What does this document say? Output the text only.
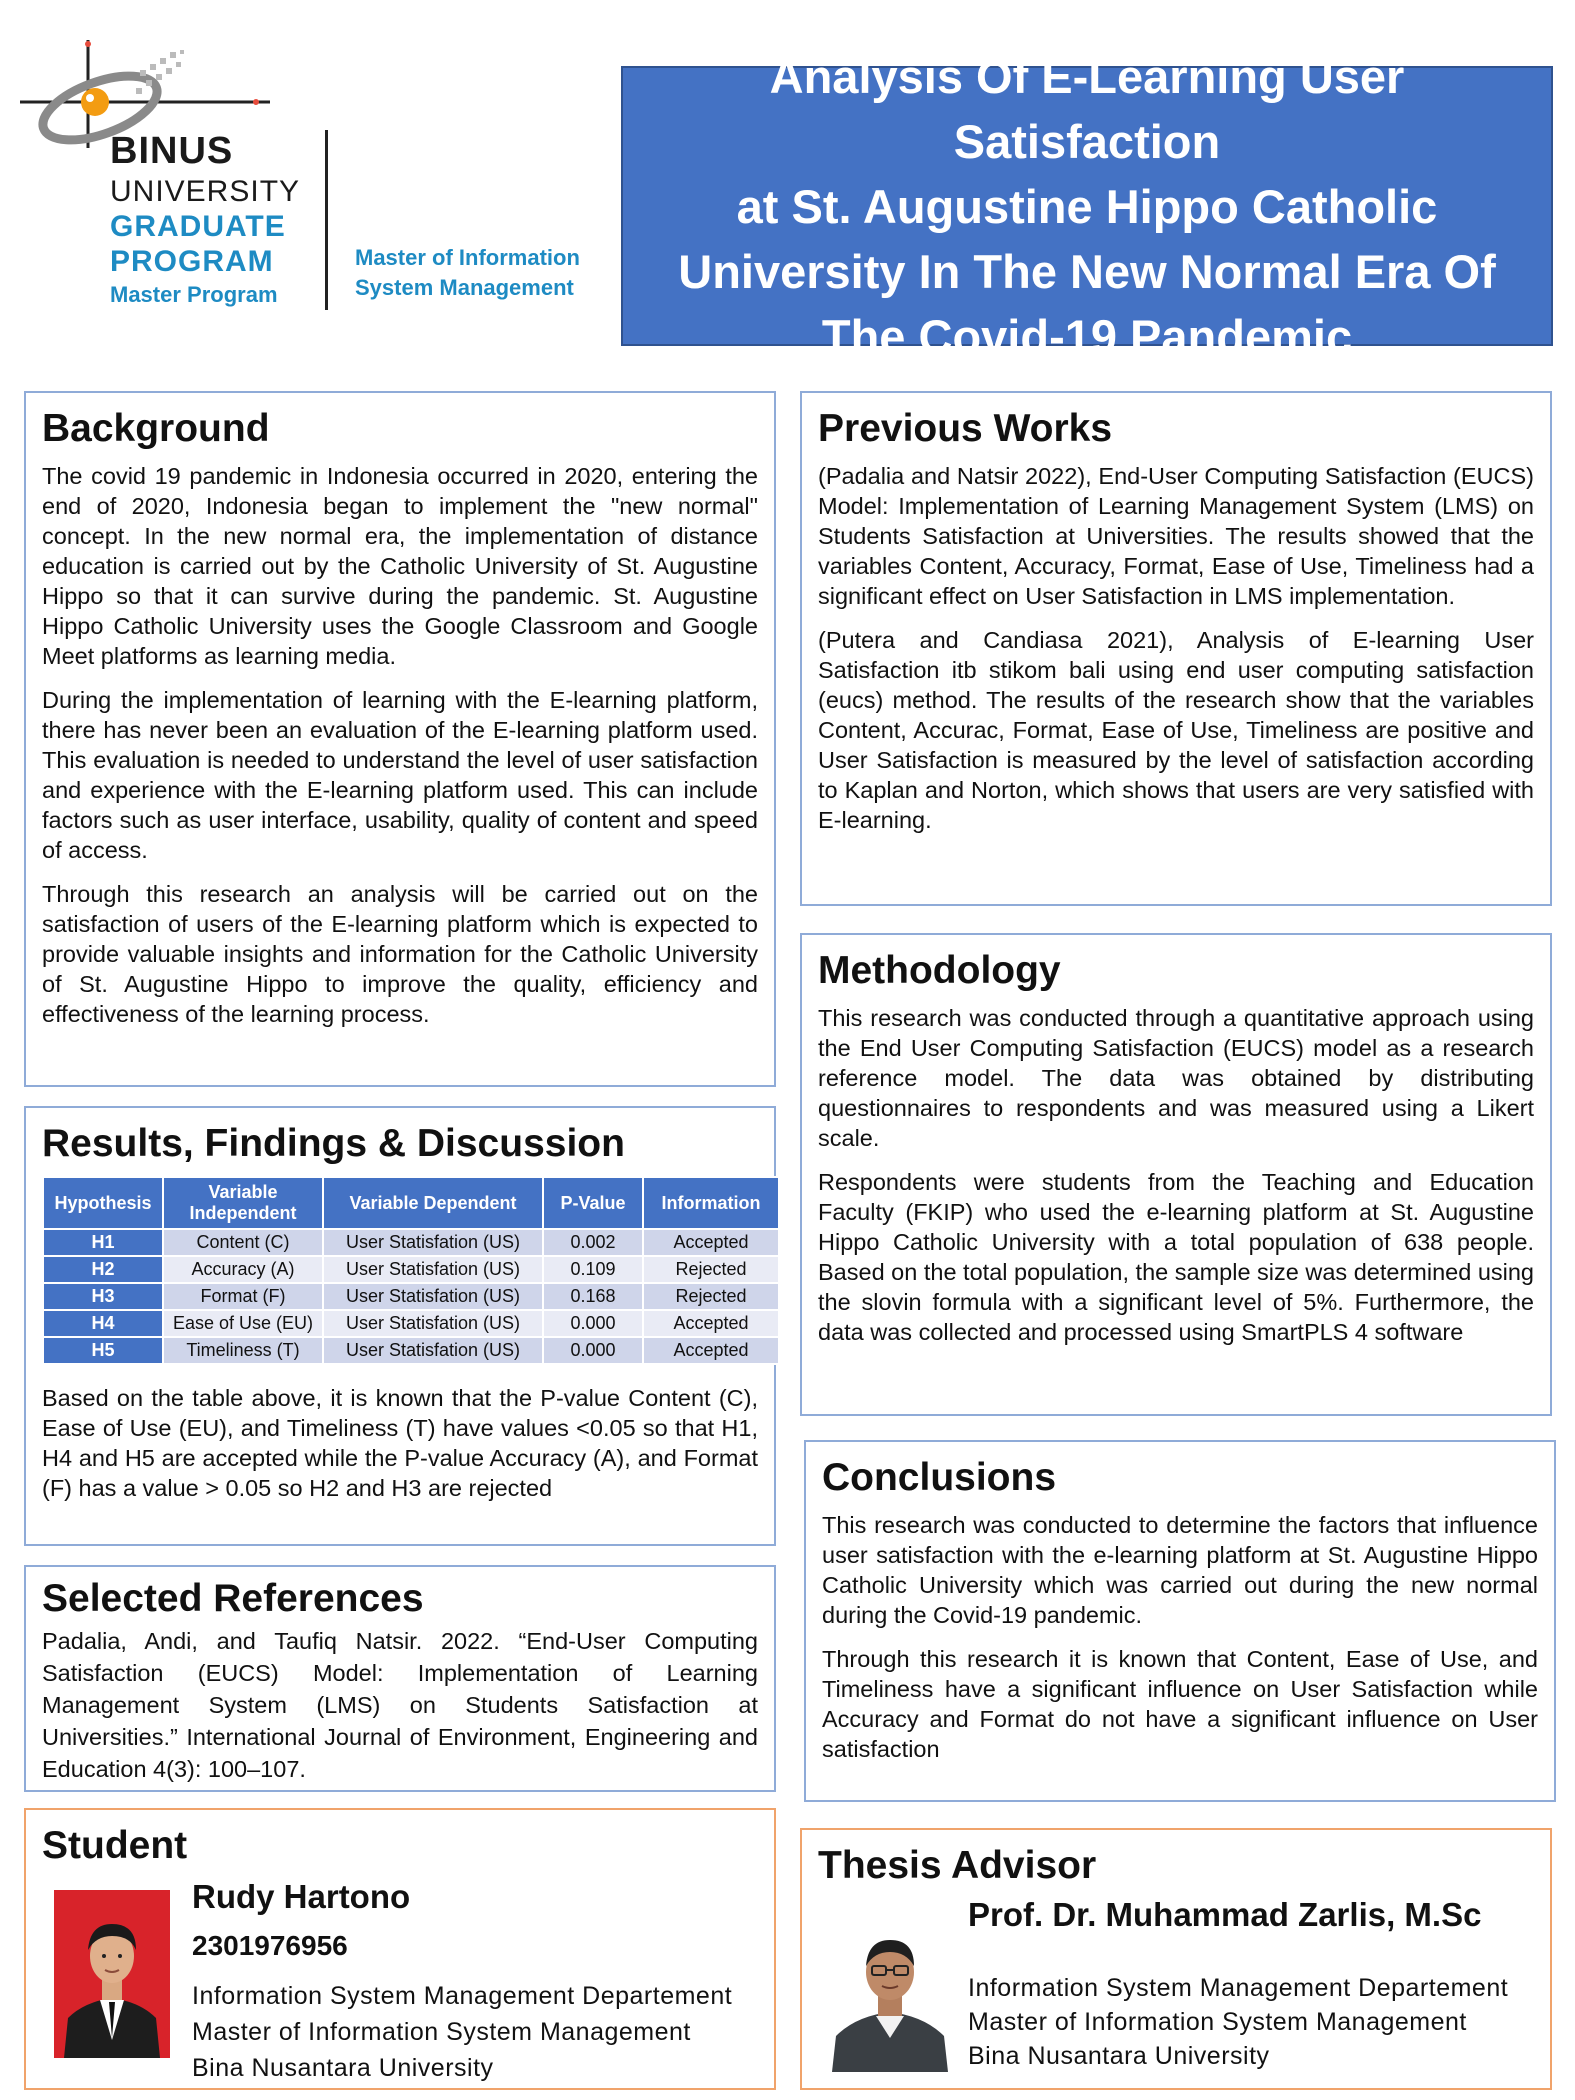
BINUS
UNIVERSITY
GRADUATE
PROGRAM
Master Program
Master of Information
System Management
Analysis Of E-Learning User Satisfaction
at St. Augustine Hippo Catholic
University In The New Normal Era Of
The Covid-19 Pandemic
Background

The covid 19 pandemic in Indonesia occurred in 2020, entering the end of 2020, Indonesia began to implement the "new normal" concept. In the new normal era, the implementation of distance education is carried out by the Catholic University of St. Augustine Hippo so that it can survive during the pandemic. St. Augustine Hippo Catholic University uses the Google Classroom and Google Meet platforms as learning media.

During the implementation of learning with the E-learning platform, there has never been an evaluation of the E-learning platform used. This evaluation is needed to understand the level of user satisfaction and experience with the E-learning platform used. This can include factors such as user interface, usability, quality of content and speed of access.

Through this research an analysis will be carried out on the satisfaction of users of the E-learning platform which is expected to provide valuable insights and information for the Catholic University of St. Augustine Hippo to improve the quality, efficiency and effectiveness of the learning process.

Results, Findings & Discussion
Hypothesis	Variable Independent	Variable Dependent	P-Value	Information
H1	Content (C)	User Statisfation (US)	0.002	Accepted
H2	Accuracy (A)	User Statisfation (US)	0.109	Rejected
H3	Format (F)	User Statisfation (US)	0.168	Rejected
H4	Ease of Use (EU)	User Statisfation (US)	0.000	Accepted
H5	Timeliness (T)	User Statisfation (US)	0.000	Accepted

Based on the table above, it is known that the P-value Content (C), Ease of Use (EU), and Timeliness (T) have values <0.05 so that H1, H4 and H5 are accepted while the P-value Accuracy (A), and Format (F) has a value > 0.05 so H2 and H3 are rejected

Selected References
Padalia, Andi, and Taufiq Natsir. 2022. “End-User Computing Satisfaction (EUCS) Model: Implementation of Learning Management System (LMS) on Students Satisfaction at Universities.” International Journal of Environment, Engineering and Education 4(3): 100–107.
Student
Rudy Hartono
2301976956
Information System Management Departement
Master of Information System Management
Bina Nusantara University
Previous Works

(Padalia and Natsir 2022), End-User Computing Satisfaction (EUCS) Model: Implementation of Learning Management System (LMS) on Students Satisfaction at Universities. The results showed that the variables Content, Accuracy, Format, Ease of Use, Timeliness had a significant effect on User Satisfaction in LMS implementation.

(Putera and Candiasa 2021), Analysis of E-learning User Satisfaction itb stikom bali using end user computing satisfaction (eucs) method. The results of the research show that the variables Content, Accurac, Format, Ease of Use, Timeliness are positive and User Satisfaction is measured by the level of satisfaction according to Kaplan and Norton, which shows that users are very satisfied with E-learning.

Methodology

This research was conducted through a quantitative approach using the End User Computing Satisfaction (EUCS) model as a research reference model. The data was obtained by distributing questionnaires to respondents and was measured using a Likert scale.

Respondents were students from the Teaching and Education Faculty (FKIP) who used the e-learning platform at St. Augustine Hippo Catholic University with a total population of 638 people. Based on the total population, the sample size was determined using the slovin formula with a significant level of 5%. Furthermore, the data was collected and processed using SmartPLS 4 software

Conclusions

This research was conducted to determine the factors that influence user satisfaction with the e-learning platform at St. Augustine Hippo Catholic University which was carried out during the new normal during the Covid-19 pandemic.

Through this research it is known that Content, Ease of Use, and Timeliness have a significant influence on User Satisfaction while Accuracy and Format do not have a significant influence on User satisfaction

Thesis Advisor
Prof. Dr. Muhammad Zarlis, M.Sc
Information System Management Departement
Master of Information System Management
Bina Nusantara University
